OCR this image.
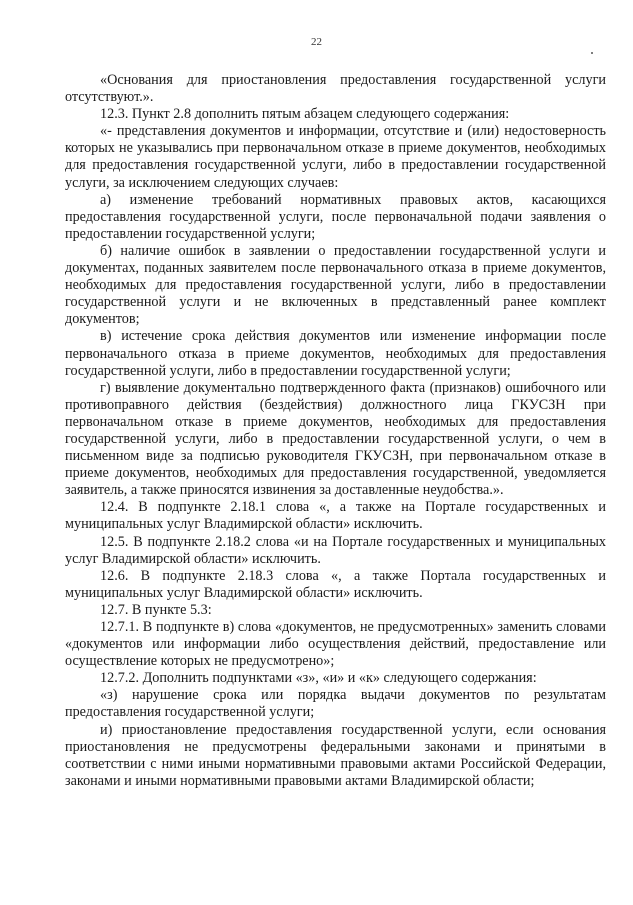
22

«Основания для приостановления предоставления государственной услуги отсутствуют.».

12.3. Пункт 2.8 дополнить пятым абзацем следующего содержания:

«- представления документов и информации, отсутствие и (или) недостоверность которых не указывались при первоначальном отказе в приеме документов, необходимых для предоставления государственной услуги, либо в предоставлении государственной услуги, за исключением следующих случаев:

а) изменение требований нормативных правовых актов, касающихся предоставления государственной услуги, после первоначальной подачи заявления о предоставлении государственной услуги;

б) наличие ошибок в заявлении о предоставлении государственной услуги и документах, поданных заявителем после первоначального отказа в приеме документов, необходимых для предоставления государственной услуги, либо в предоставлении государственной услуги и не включенных в представленный ранее комплект документов;

в) истечение срока действия документов или изменение информации после первоначального отказа в приеме документов, необходимых для предоставления государственной услуги, либо в предоставлении государственной услуги;

г) выявление документально подтвержденного факта (признаков) ошибочного или противоправного действия (бездействия) должностного лица ГКУСЗН при первоначальном отказе в приеме документов, необходимых для предоставления государственной услуги, либо в предоставлении государственной услуги, о чем в письменном виде за подписью руководителя ГКУСЗН, при первоначальном отказе в приеме документов, необходимых для предоставления государственной, уведомляется заявитель, а также приносятся извинения за доставленные неудобства.».

12.4. В подпункте 2.18.1 слова «, а также на Портале государственных и муниципальных услуг Владимирской области» исключить.

12.5. В подпункте 2.18.2 слова «и на Портале государственных и муниципальных услуг Владимирской области» исключить.

12.6. В подпункте 2.18.3 слова «, а также Портала государственных и муниципальных услуг Владимирской области» исключить.

12.7. В пункте 5.3:

12.7.1. В подпункте в) слова «документов, не предусмотренных» заменить словами «документов или информации либо осуществления действий, предоставление или осуществление которых не предусмотрено»;

12.7.2. Дополнить подпунктами «з», «и» и «к» следующего содержания:

«з) нарушение срока или порядка выдачи документов по результатам предоставления государственной услуги;

и) приостановление предоставления государственной услуги, если основания приостановления не предусмотрены федеральными законами и принятыми в соответствии с ними иными нормативными правовыми актами Российской Федерации, законами и иными нормативными правовыми актами Владимирской области;
